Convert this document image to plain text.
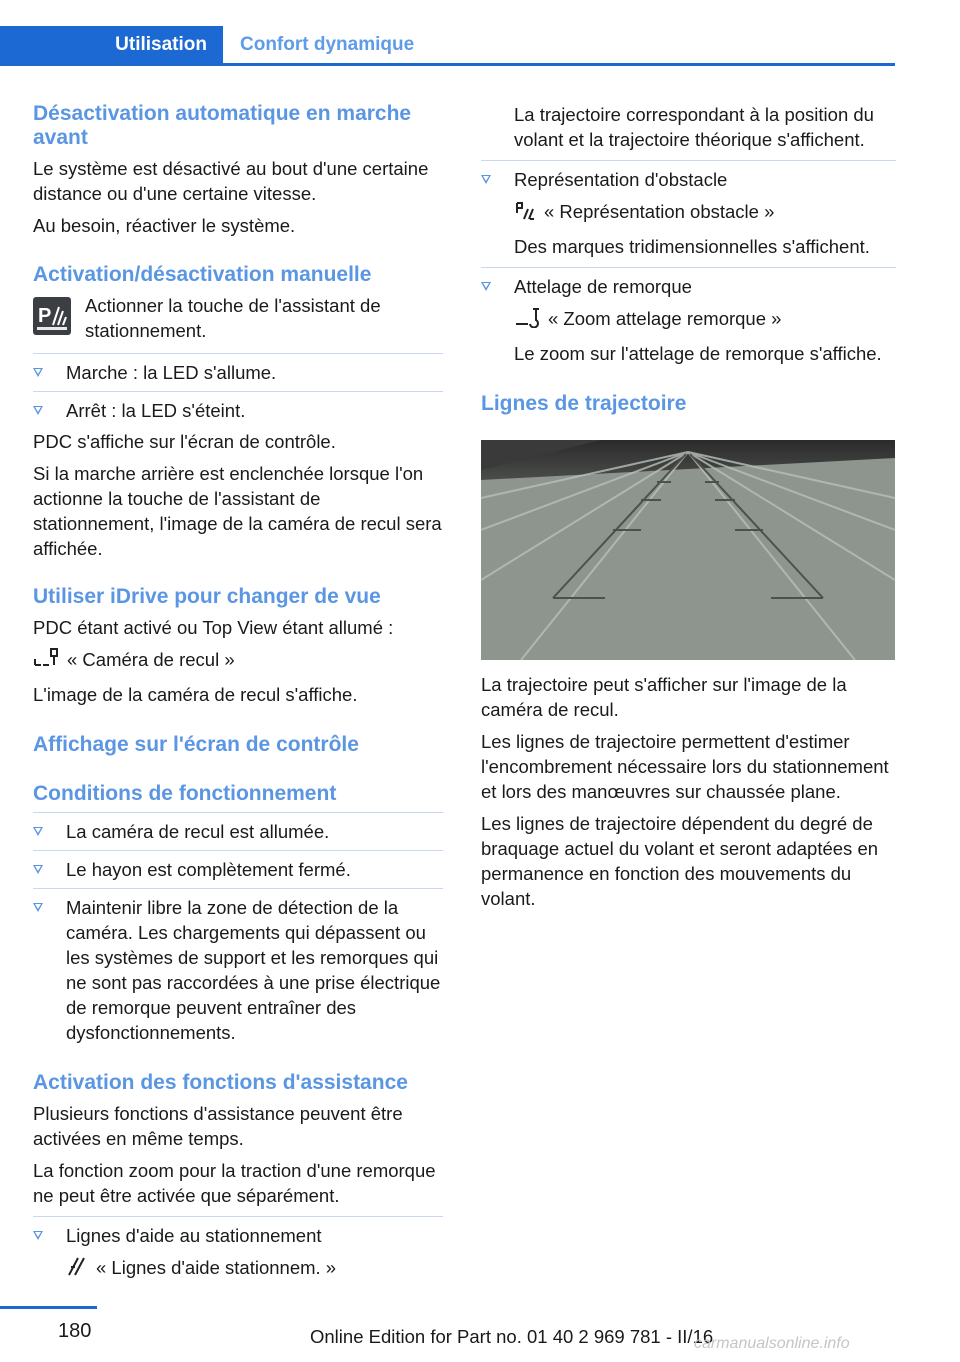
Utilisation	Confort dynamique

Désactivation automatique en marche avant

Le système est désactivé au bout d'une certaine distance ou d'une certaine vitesse.

Au besoin, réactiver le système.

Activation/désactivation manuelle

P	Actionner la touche de l'assistant de stationnement.

Marche : la LED s'allume.
Arrêt : la LED s'éteint.

PDC s'affiche sur l'écran de contrôle.

Si la marche arrière est enclenchée lorsque l'on actionne la touche de l'assistant de stationnement, l'image de la caméra de recul sera affichée.

Utiliser iDrive pour changer de vue

PDC étant activé ou Top View étant allumé :

« Caméra de recul »

L'image de la caméra de recul s'affiche.

Affichage sur l'écran de contrôle

Conditions de fonctionnement

La caméra de recul est allumée.
Le hayon est complètement fermé.
Maintenir libre la zone de détection de la caméra. Les chargements qui dépassent ou les systèmes de support et les remorques qui ne sont pas raccordées à une prise électrique de remorque peuvent entraîner des dysfonctionnements.

Activation des fonctions d'assistance

Plusieurs fonctions d'assistance peuvent être activées en même temps.

La fonction zoom pour la traction d'une remorque ne peut être activée que séparément.

Lignes d'aide au stationnement

« Lignes d'aide stationnem. »

La trajectoire correspondant à la position du volant et la trajectoire théorique s'affichent.

Représentation d'obstacle

« Représentation obstacle »

Des marques tridimensionnelles s'affichent.

Attelage de remorque

« Zoom attelage remorque »

Le zoom sur l'attelage de remorque s'affiche.

Lignes de trajectoire

La trajectoire peut s'afficher sur l'image de la caméra de recul.

Les lignes de trajectoire permettent d'estimer l'encombrement nécessaire lors du stationnement et lors des manœuvres sur chaussée plane.

Les lignes de trajectoire dépendent du degré de braquage actuel du volant et seront adaptées en permanence en fonction des mouvements du volant.

180	Online Edition for Part no. 01 40 2 969 781 - II/16
carmanualsonline.info
